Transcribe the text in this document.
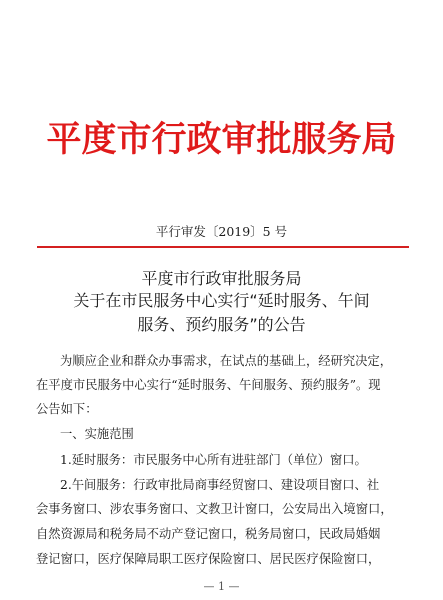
平度市行政审批服务局
平行审发〔2019〕5 号
平度市行政审批服务局
关于在市民服务中心实行“延时服务、午间
服务、预约服务”的公告
为顺应企业和群众办事需求，在试点的基础上，经研究决定，
在平度市民服务中心实行“延时服务、午间服务、预约服务”。现
公告如下：
一、实施范围
1.延时服务：市民服务中心所有进驻部门（单位）窗口。
2.午间服务：行政审批局商事经贸窗口、建设项目窗口、社
会事务窗口、涉农事务窗口、文教卫计窗口，公安局出入境窗口，
自然资源局和税务局不动产登记窗口，税务局窗口，民政局婚姻
登记窗口，医疗保障局职工医疗保险窗口、居民医疗保险窗口，
— 1 —
